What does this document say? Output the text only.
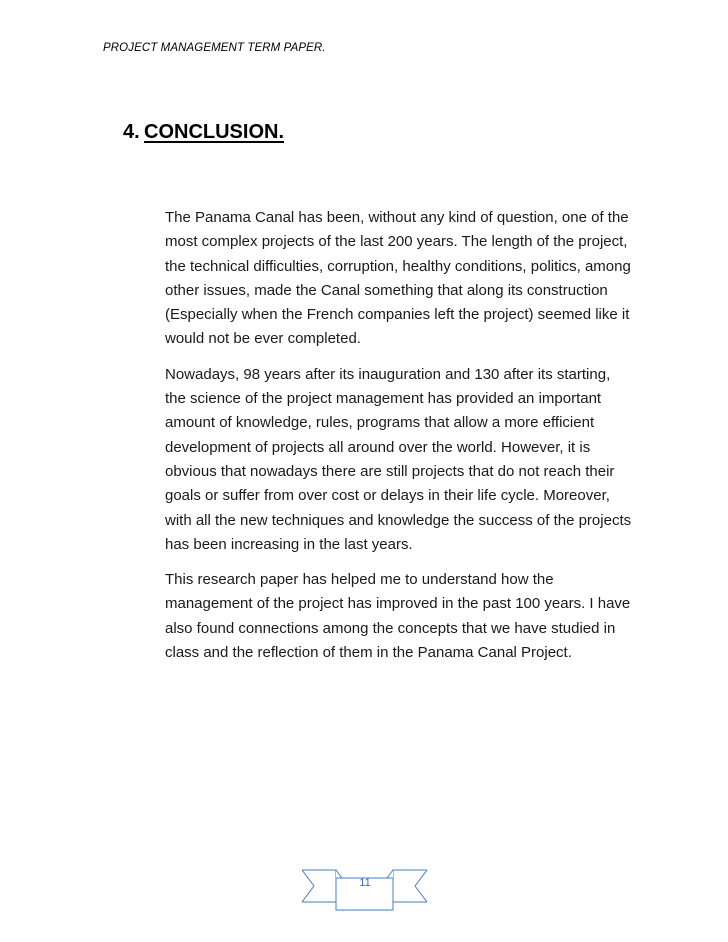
PROJECT MANAGEMENT TERM PAPER.
4. CONCLUSION.

The Panama Canal has been, without any kind of question, one of the most complex projects of the last 200 years. The length of the project, the technical difficulties, corruption, healthy conditions, politics, among other issues, made the Canal something that along its construction (Especially when the French companies left the project) seemed like it would not be ever completed.

Nowadays, 98 years after its inauguration and 130 after its starting, the science of the project management has provided an important amount of knowledge, rules, programs that allow a more efficient development of projects all around over the world. However, it is obvious that nowadays there are still projects that do not reach their goals or suffer from over cost or delays in their life cycle. Moreover, with all the new techniques and knowledge the success of the projects has been increasing in the last years.

This research paper has helped me to understand how the management of the project has improved in the past 100 years. I have also found connections among the concepts that we have studied in class and the reflection of them in the Panama Canal Project.

11
